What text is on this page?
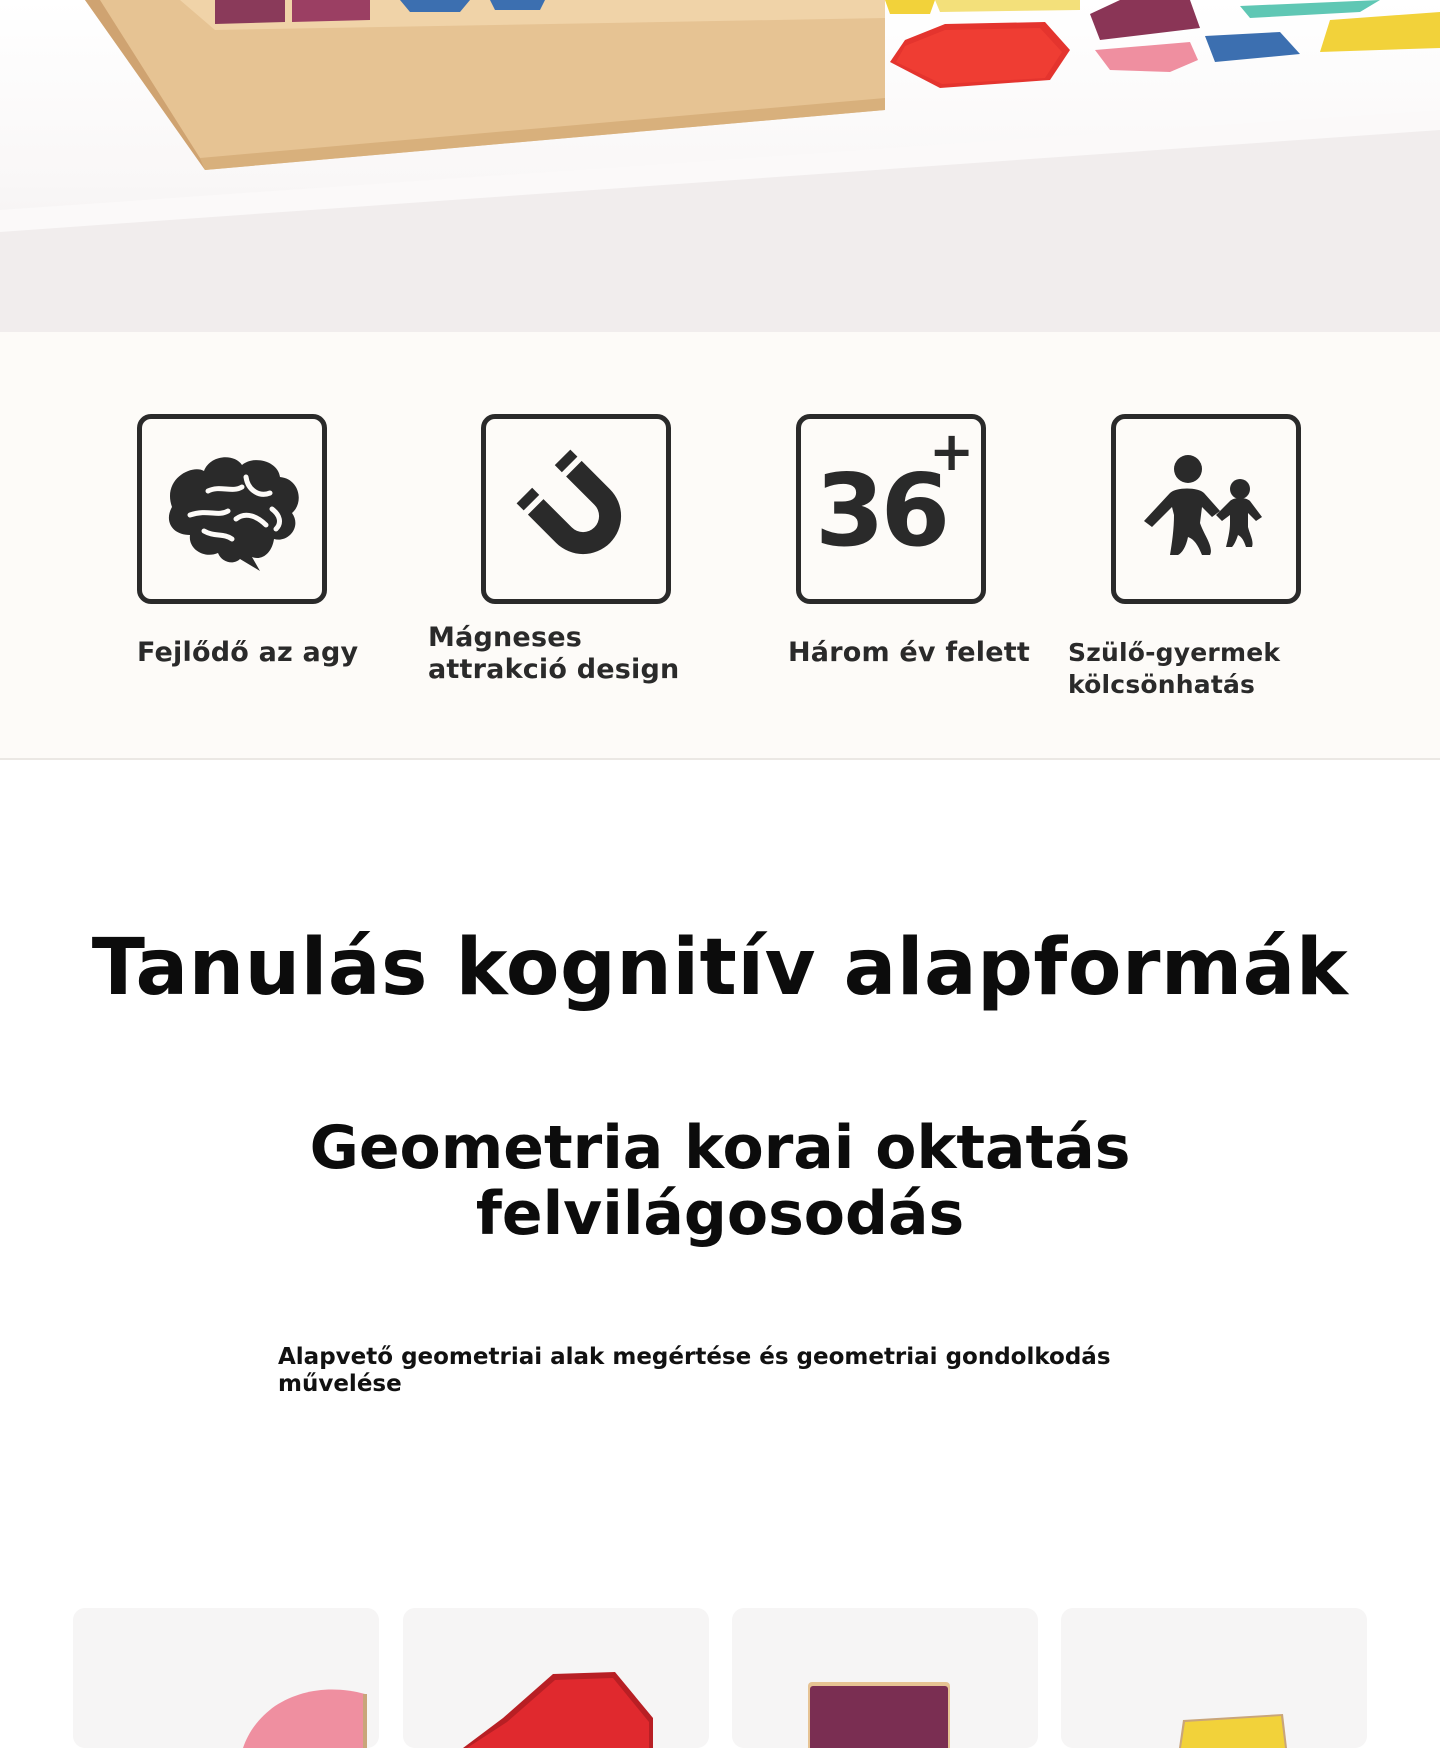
Fejlődő az agy	Mágneses attrakció design
36
+
Három év felett Szülő-gyermek kölcsönhatás
Tanulás kognitív alapformák
Geometria korai oktatás felvilágosodás
Alapvető geometriai alak megértése és geometriai gondolkodás művelése
